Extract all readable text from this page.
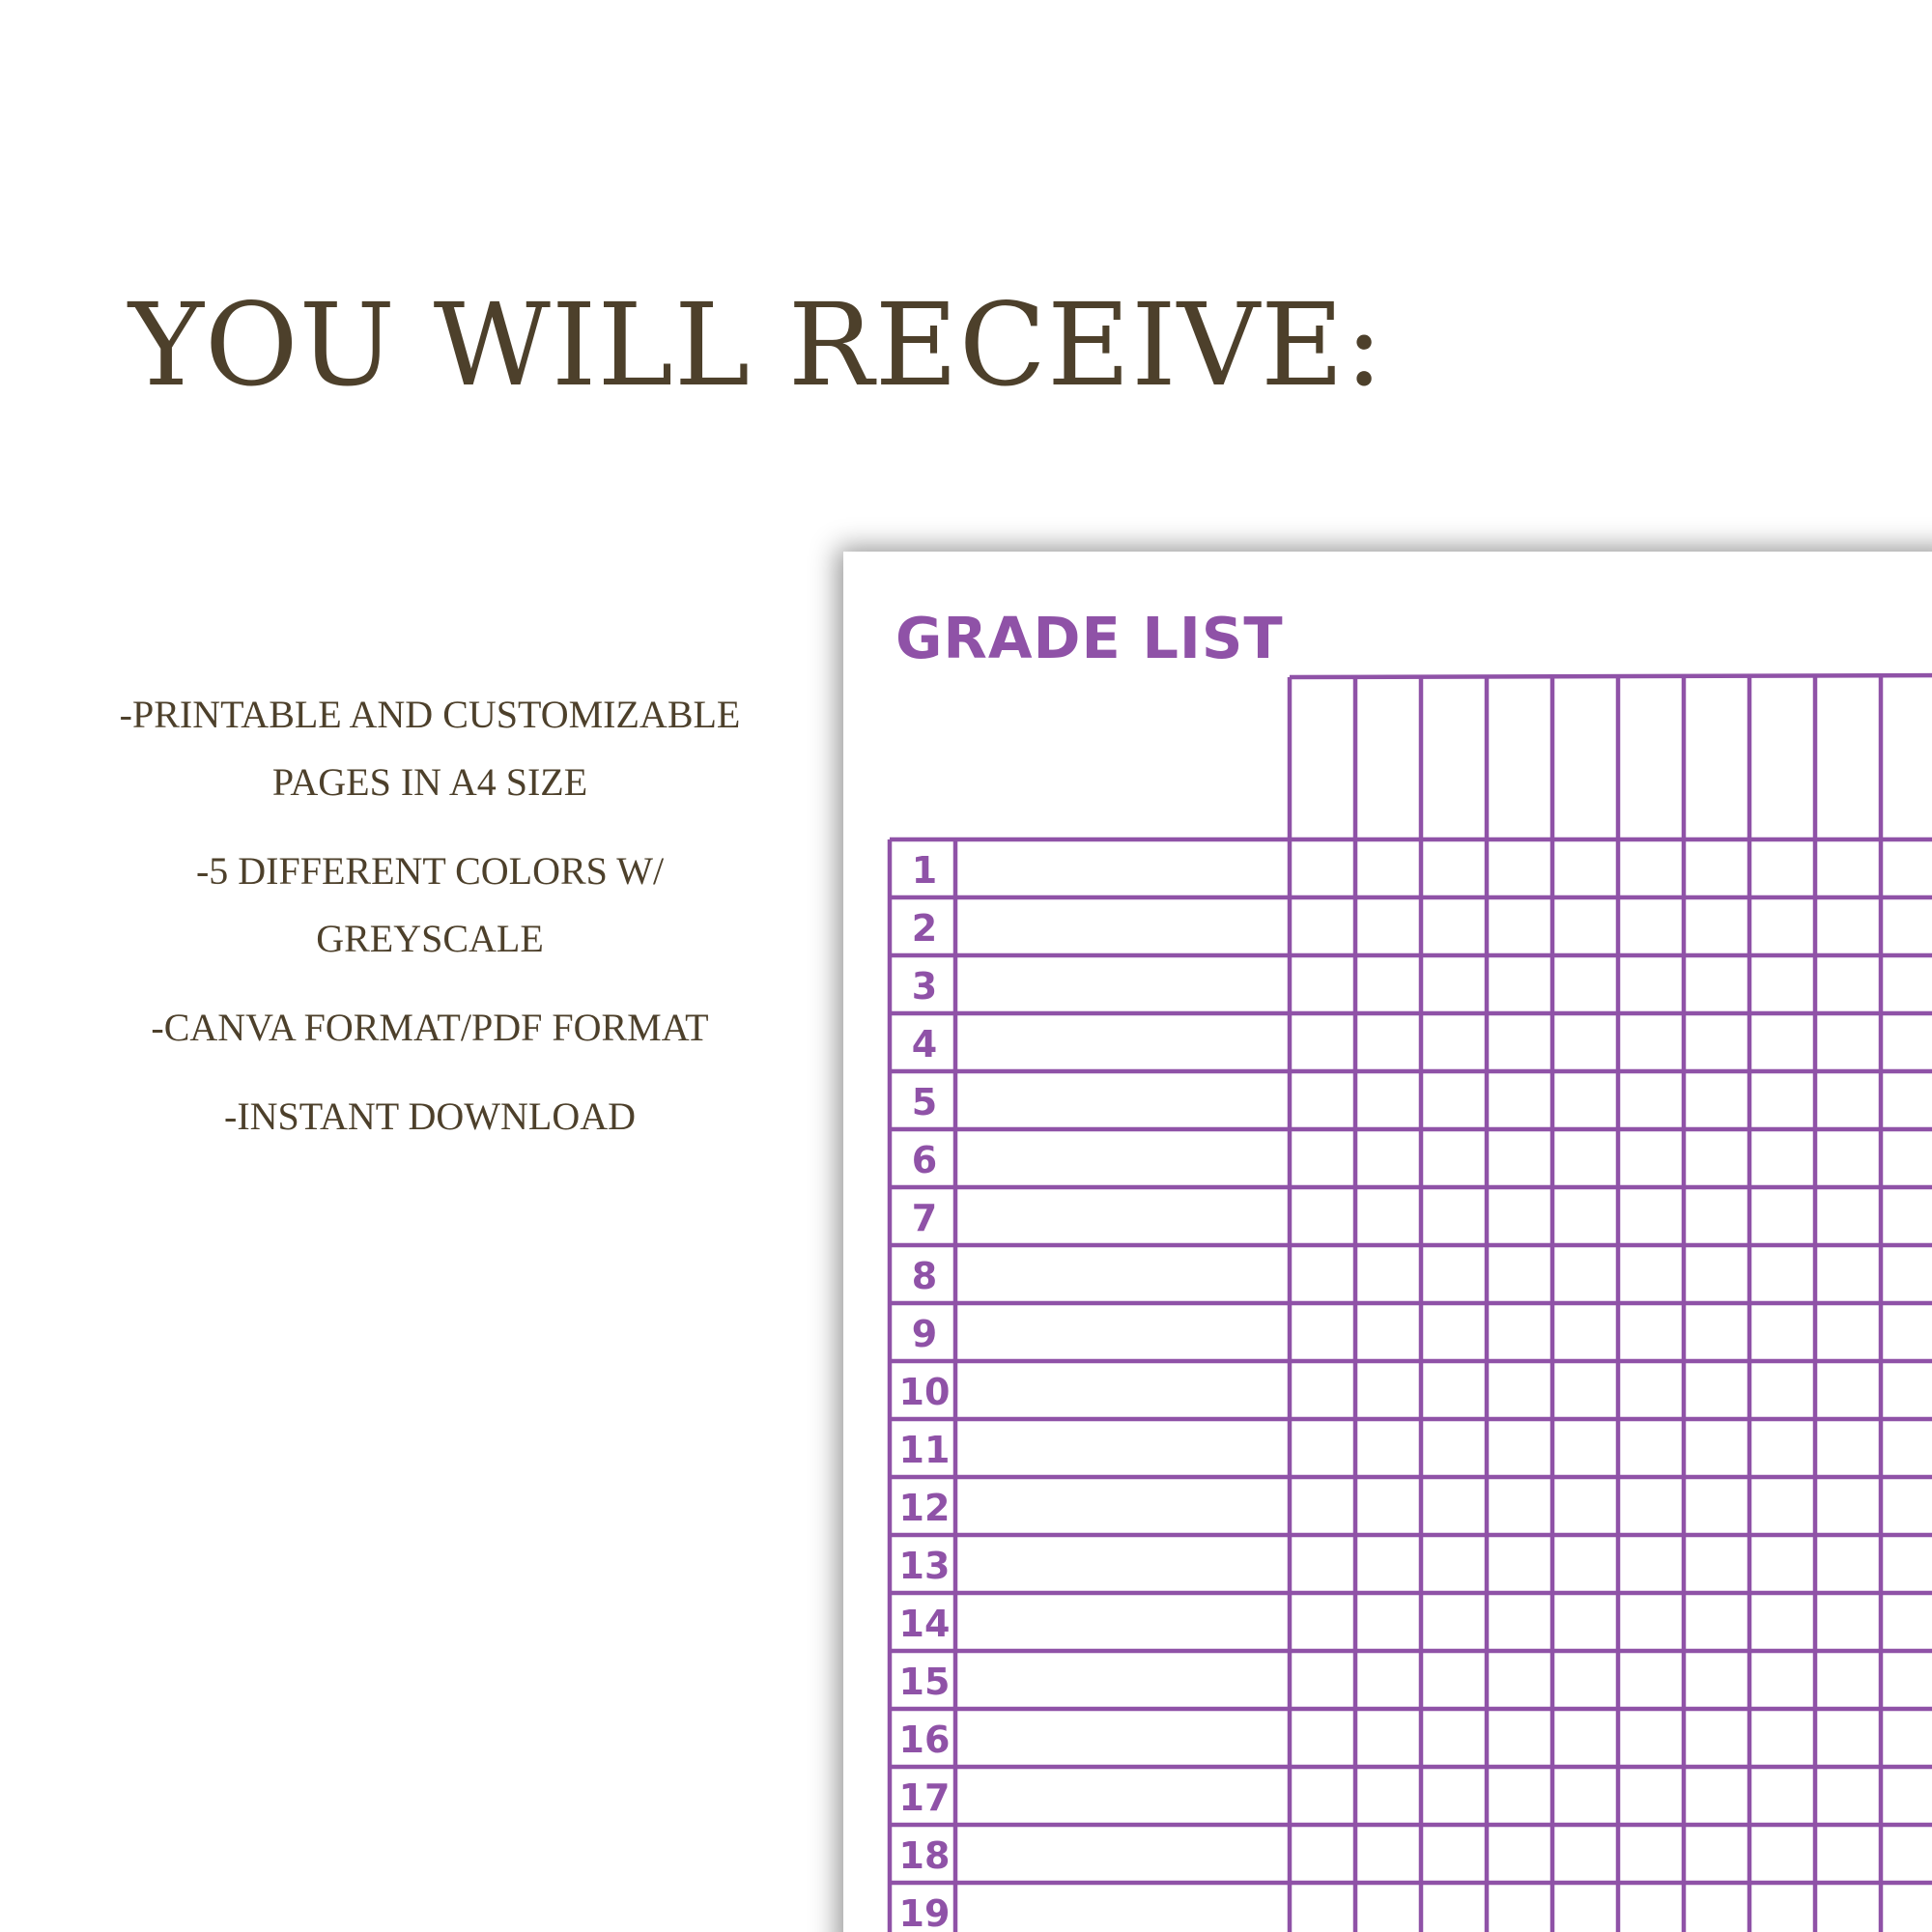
YOU WILL RECEIVE:
-PRINTABLE AND CUSTOMIZABLE
PAGES IN A4 SIZE
-5 DIFFERENT COLORS W/
GREYSCALE
-CANVA FORMAT/PDF FORMAT
-INSTANT DOWNLOAD
GRADE LIST
1
2
3
4
5
6
7
8
9
10
11
12
13
14
15
16
17
18
19
